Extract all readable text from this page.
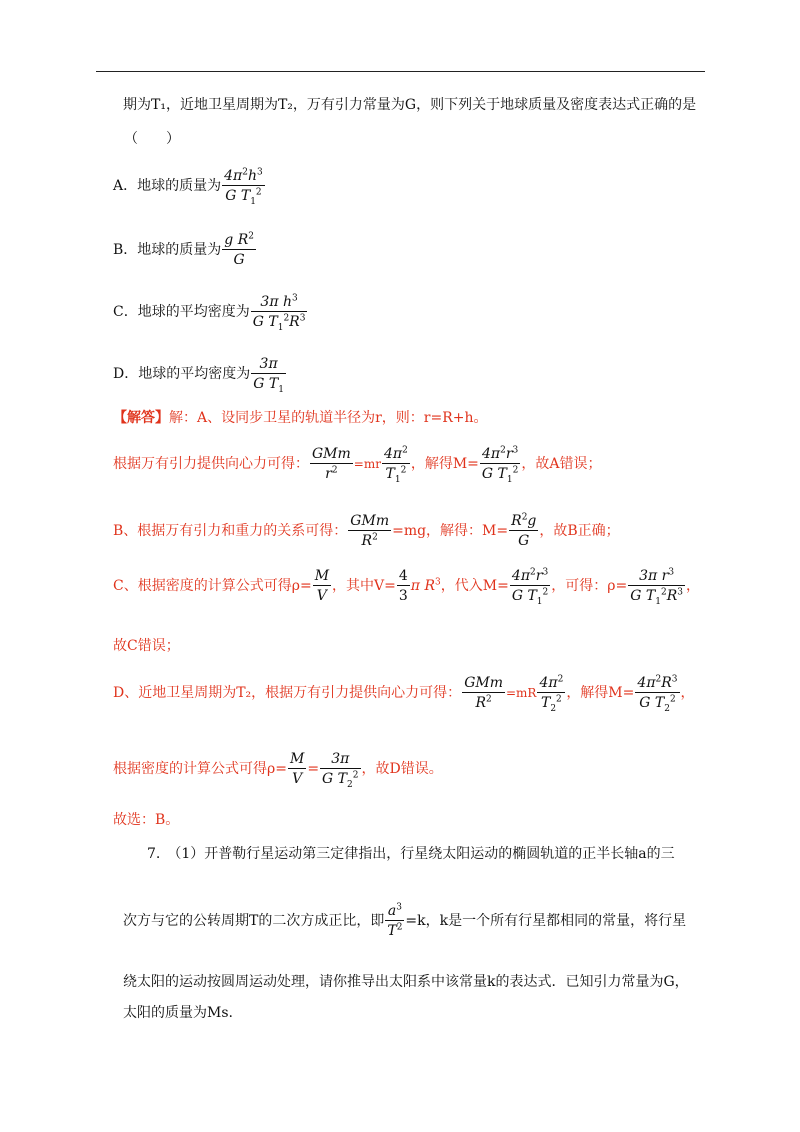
期为T₁，近地卫星周期为T₂，万有引力常量为G，则下列关于地球质量及密度表达式正确的是
（　　）
A．地球的质量为 $\frac{4\pi^2h^3}{G T_1^2}$
B．地球的质量为 $\frac{g R^2}{G}$
C．地球的平均密度为 $\frac{3\pi h^3}{G T_1^2R^3}$
D．地球的平均密度为 $\frac{3\pi}{G T_1}$
【解答】解：A、设同步卫星的轨道半径为r，则：r=R+h。
根据万有引力提供向心力可得： $\frac{\text{GMm}}{r^2} =mr \frac{4\pi^2}{T_1^2}$ ，解得$M= \frac{4\pi^2r^3}{G T_1^2}$ ，故A错误；
B、根据万有引力和重力的关系可得： $\frac{\text{GMm}}{R^2} =mg$，解得：$M= \frac{R^2g}{G}$ ，故B正确；
C、根据密度的计算公式可得$\rho= \frac{M}{V}$ ，其中$V= \frac{4}{3}$ π $R^3$，代入$M= \frac{4\pi^2r^3}{G T_1^2}$ ，可得：$\rho= \frac{3\pi r^3}{G T_1^2R^3}$ ，
故C错误；
D、近地卫星周期为T₂，根据万有引力提供向心力可得： $\frac{\text{GMm}}{R^2} =mR \frac{4\pi^2}{T_2^2}$ ，解得$M= \frac{4\pi^2R^3}{G T_2^2}$ ，
根据密度的计算公式可得$\rho= \frac{M}{V} = \frac{3\pi}{G T_2^2}$ ，故D错误。
故选：B。
7.　（1）开普勒行星运动第三定律指出，行星绕太阳运动的椭圆轨道的正半长轴a的三
次方与它的公转周期T的二次方成正比，即 $\frac{a^3}{T^2} =k$，k是一个所有行星都相同的常量，将行星
绕太阳的运动按圆周运动处理，请你推导出太阳系中该常量k的表达式．已知引力常量为G，
太阳的质量为Ms.
